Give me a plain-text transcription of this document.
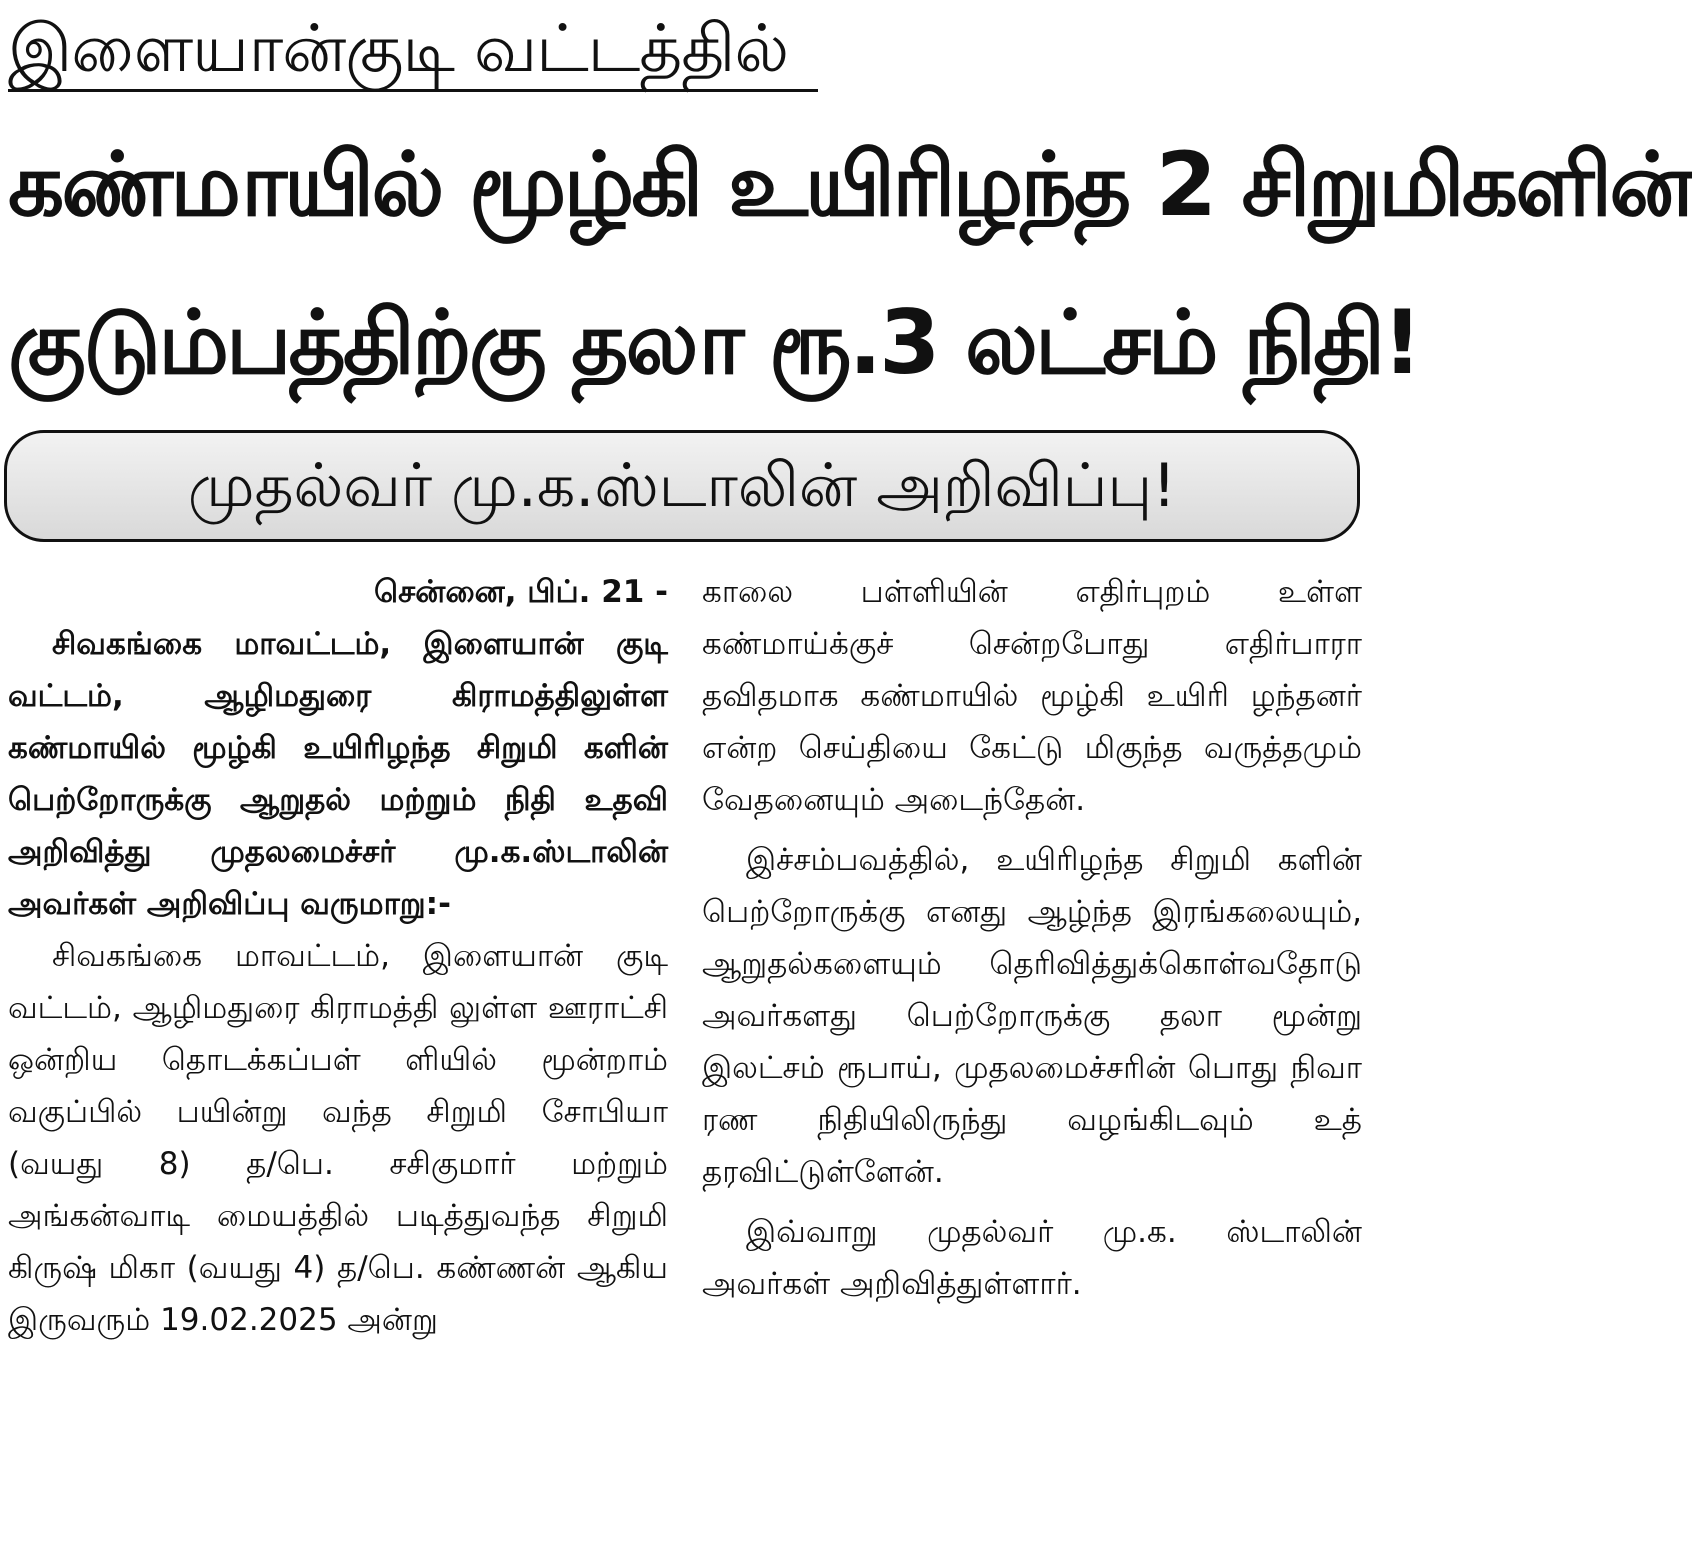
இளையான்குடி வட்டத்தில்
கண்மாயில் மூழ்கி உயிரிழந்த 2 சிறுமிகளின்
குடும்பத்திற்கு தலா ரூ.3 லட்சம் நிதி!
முதல்வர் மு.க.ஸ்டாலின் அறிவிப்பு!

சென்னை, பிப். 21 -

சிவகங்கை மாவட்டம், இளையான் குடி வட்டம், ஆழிமதுரை கிராமத்திலுள்ள கண்மாயில் மூழ்கி உயிரிழந்த சிறுமி களின் பெற்றோருக்கு ஆறுதல் மற்றும் நிதி உதவி அறிவித்து முதலமைச்சர் மு.க.ஸ்டாலின் அவர்கள் அறிவிப்பு வருமாறு:-

சிவகங்கை மாவட்டம், இளையான் குடி வட்டம், ஆழிமதுரை கிராமத்தி லுள்ள ஊராட்சி ஒன்றிய தொடக்கப்பள் ளியில் மூன்றாம் வகுப்பில் பயின்று வந்த சிறுமி சோபியா (வயது 8) த/பெ. சசிகுமார் மற்றும் அங்கன்வாடி மையத்தில் படித்துவந்த சிறுமி கிருஷ் மிகா (வயது 4) த/பெ. கண்ணன் ஆகிய இருவரும் 19.02.2025 அன்று

காலை பள்ளியின் எதிர்புறம் உள்ள கண்மாய்க்குச் சென்றபோது எதிர்பாரா தவிதமாக கண்மாயில் மூழ்கி உயிரி ழந்தனர் என்ற செய்தியை கேட்டு மிகுந்த வருத்தமும் வேதனையும் அடைந்தேன்.

இச்சம்பவத்தில், உயிரிழந்த சிறுமி களின் பெற்றோருக்கு எனது ஆழ்ந்த இரங்கலையும், ஆறுதல்களையும் தெரிவித்துக்கொள்வதோடு அவர்களது பெற்றோருக்கு தலா மூன்று இலட்சம் ரூபாய், முதலமைச்சரின் பொது நிவா ரண நிதியிலிருந்து வழங்கிடவும் உத் தரவிட்டுள்ளேன்.

இவ்வாறு முதல்வர் மு.க. ஸ்டாலின் அவர்கள் அறிவித்துள்ளார்.
